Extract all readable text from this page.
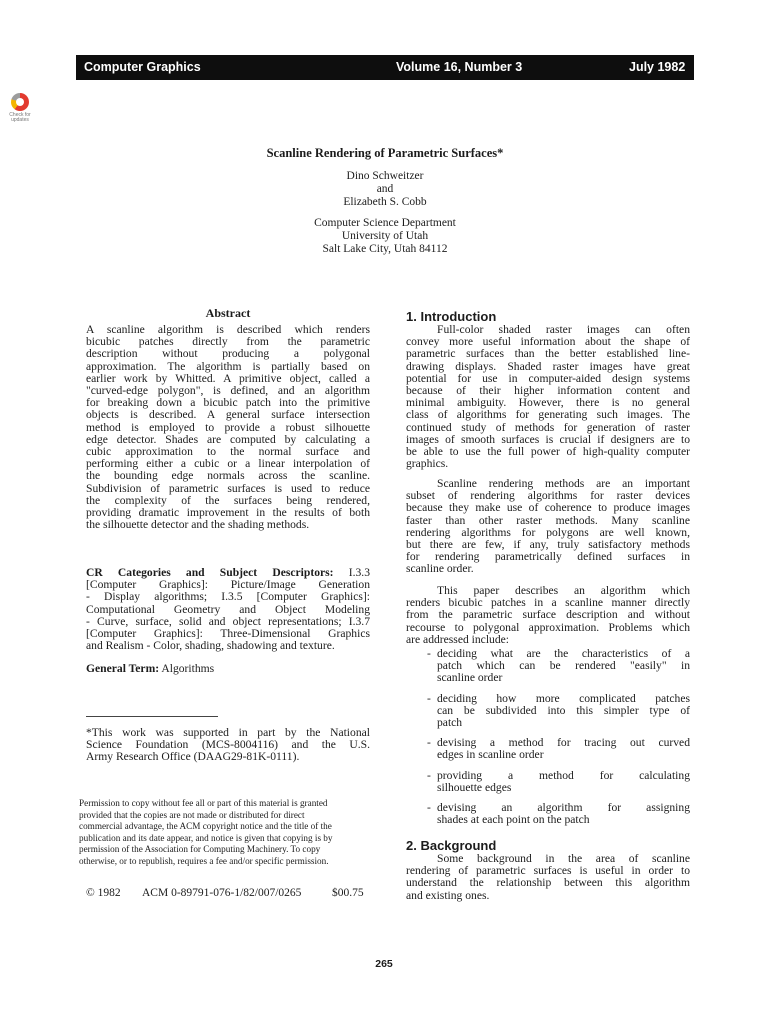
Computer Graphics	Volume 16, Number 3	July 1982
Check for updates
Scanline Rendering of Parametric Surfaces*
Dino Schweitzer
and
Elizabeth S. Cobb
Computer Science Department
University of Utah
Salt Lake City, Utah 84112
Abstract
A scanline algorithm is described which renders
bicubic patches directly from the parametric
description without producing a polygonal
approximation. The algorithm is partially based on
earlier work by Whitted. A primitive object, called a
"curved-edge polygon", is defined, and an algorithm
for breaking down a bicubic patch into the primitive
objects is described. A general surface intersection
method is employed to provide a robust silhouette
edge detector. Shades are computed by calculating a
cubic approximation to the normal surface and
performing either a cubic or a linear interpolation of
the bounding edge normals across the scanline.
Subdivision of parametric surfaces is used to reduce
the complexity of the surfaces being rendered,
providing dramatic improvement in the results of both
the silhouette detector and the shading methods.
CR Categories and Subject Descriptors: I.3.3
[Computer Graphics]: Picture/Image Generation
- Display algorithms; I.3.5 [Computer Graphics]:
Computational Geometry and Object Modeling
- Curve, surface, solid and object representations; I.3.7
[Computer Graphics]: Three-Dimensional Graphics
and Realism - Color, shading, shadowing and texture.
General Term: Algorithms
*This work was supported in part by the National
Science Foundation (MCS-8004116) and the U.S.
Army Research Office (DAAG29-81K-0111).
Permission to copy without fee all or part of this material is granted
provided that the copies are not made or distributed for direct
commercial advantage, the ACM copyright notice and the title of the
publication and its date appear, and notice is given that copying is by
permission of the Association for Computing Machinery. To copy
otherwise, or to republish, requires a fee and/or specific permission.
© 1982 ACM 0-89791-076-1/82/007/0265	$00.75
1. Introduction
Full-color shaded raster images can often
convey more useful information about the shape of
parametric surfaces than the better established line-
drawing displays. Shaded raster images have great
potential for use in computer-aided design systems
because of their higher information content and
minimal ambiguity. However, there is no general
class of algorithms for generating such images. The
continued study of methods for generation of raster
images of smooth surfaces is crucial if designers are to
be able to use the full power of high-quality computer
graphics.
Scanline rendering methods are an important
subset of rendering algorithms for raster devices
because they make use of coherence to produce images
faster than other raster methods. Many scanline
rendering algorithms for polygons are well known,
but there are few, if any, truly satisfactory methods
for rendering parametrically defined surfaces in
scanline order.
This paper describes an algorithm which
renders bicubic patches in a scanline manner directly
from the parametric surface description and without
recourse to polygonal approximation. Problems which
are addressed include:
- deciding what are the characteristics of a
patch which can be rendered "easily" in
scanline order
- deciding how more complicated patches
can be subdivided into this simpler type of
patch
- devising a method for tracing out curved
edges in scanline order
- providing a method for calculating
silhouette edges
- devising an algorithm for assigning
shades at each point on the patch
2. Background
Some background in the area of scanline
rendering of parametric surfaces is useful in order to
understand the relationship between this algorithm
and existing ones.
265
